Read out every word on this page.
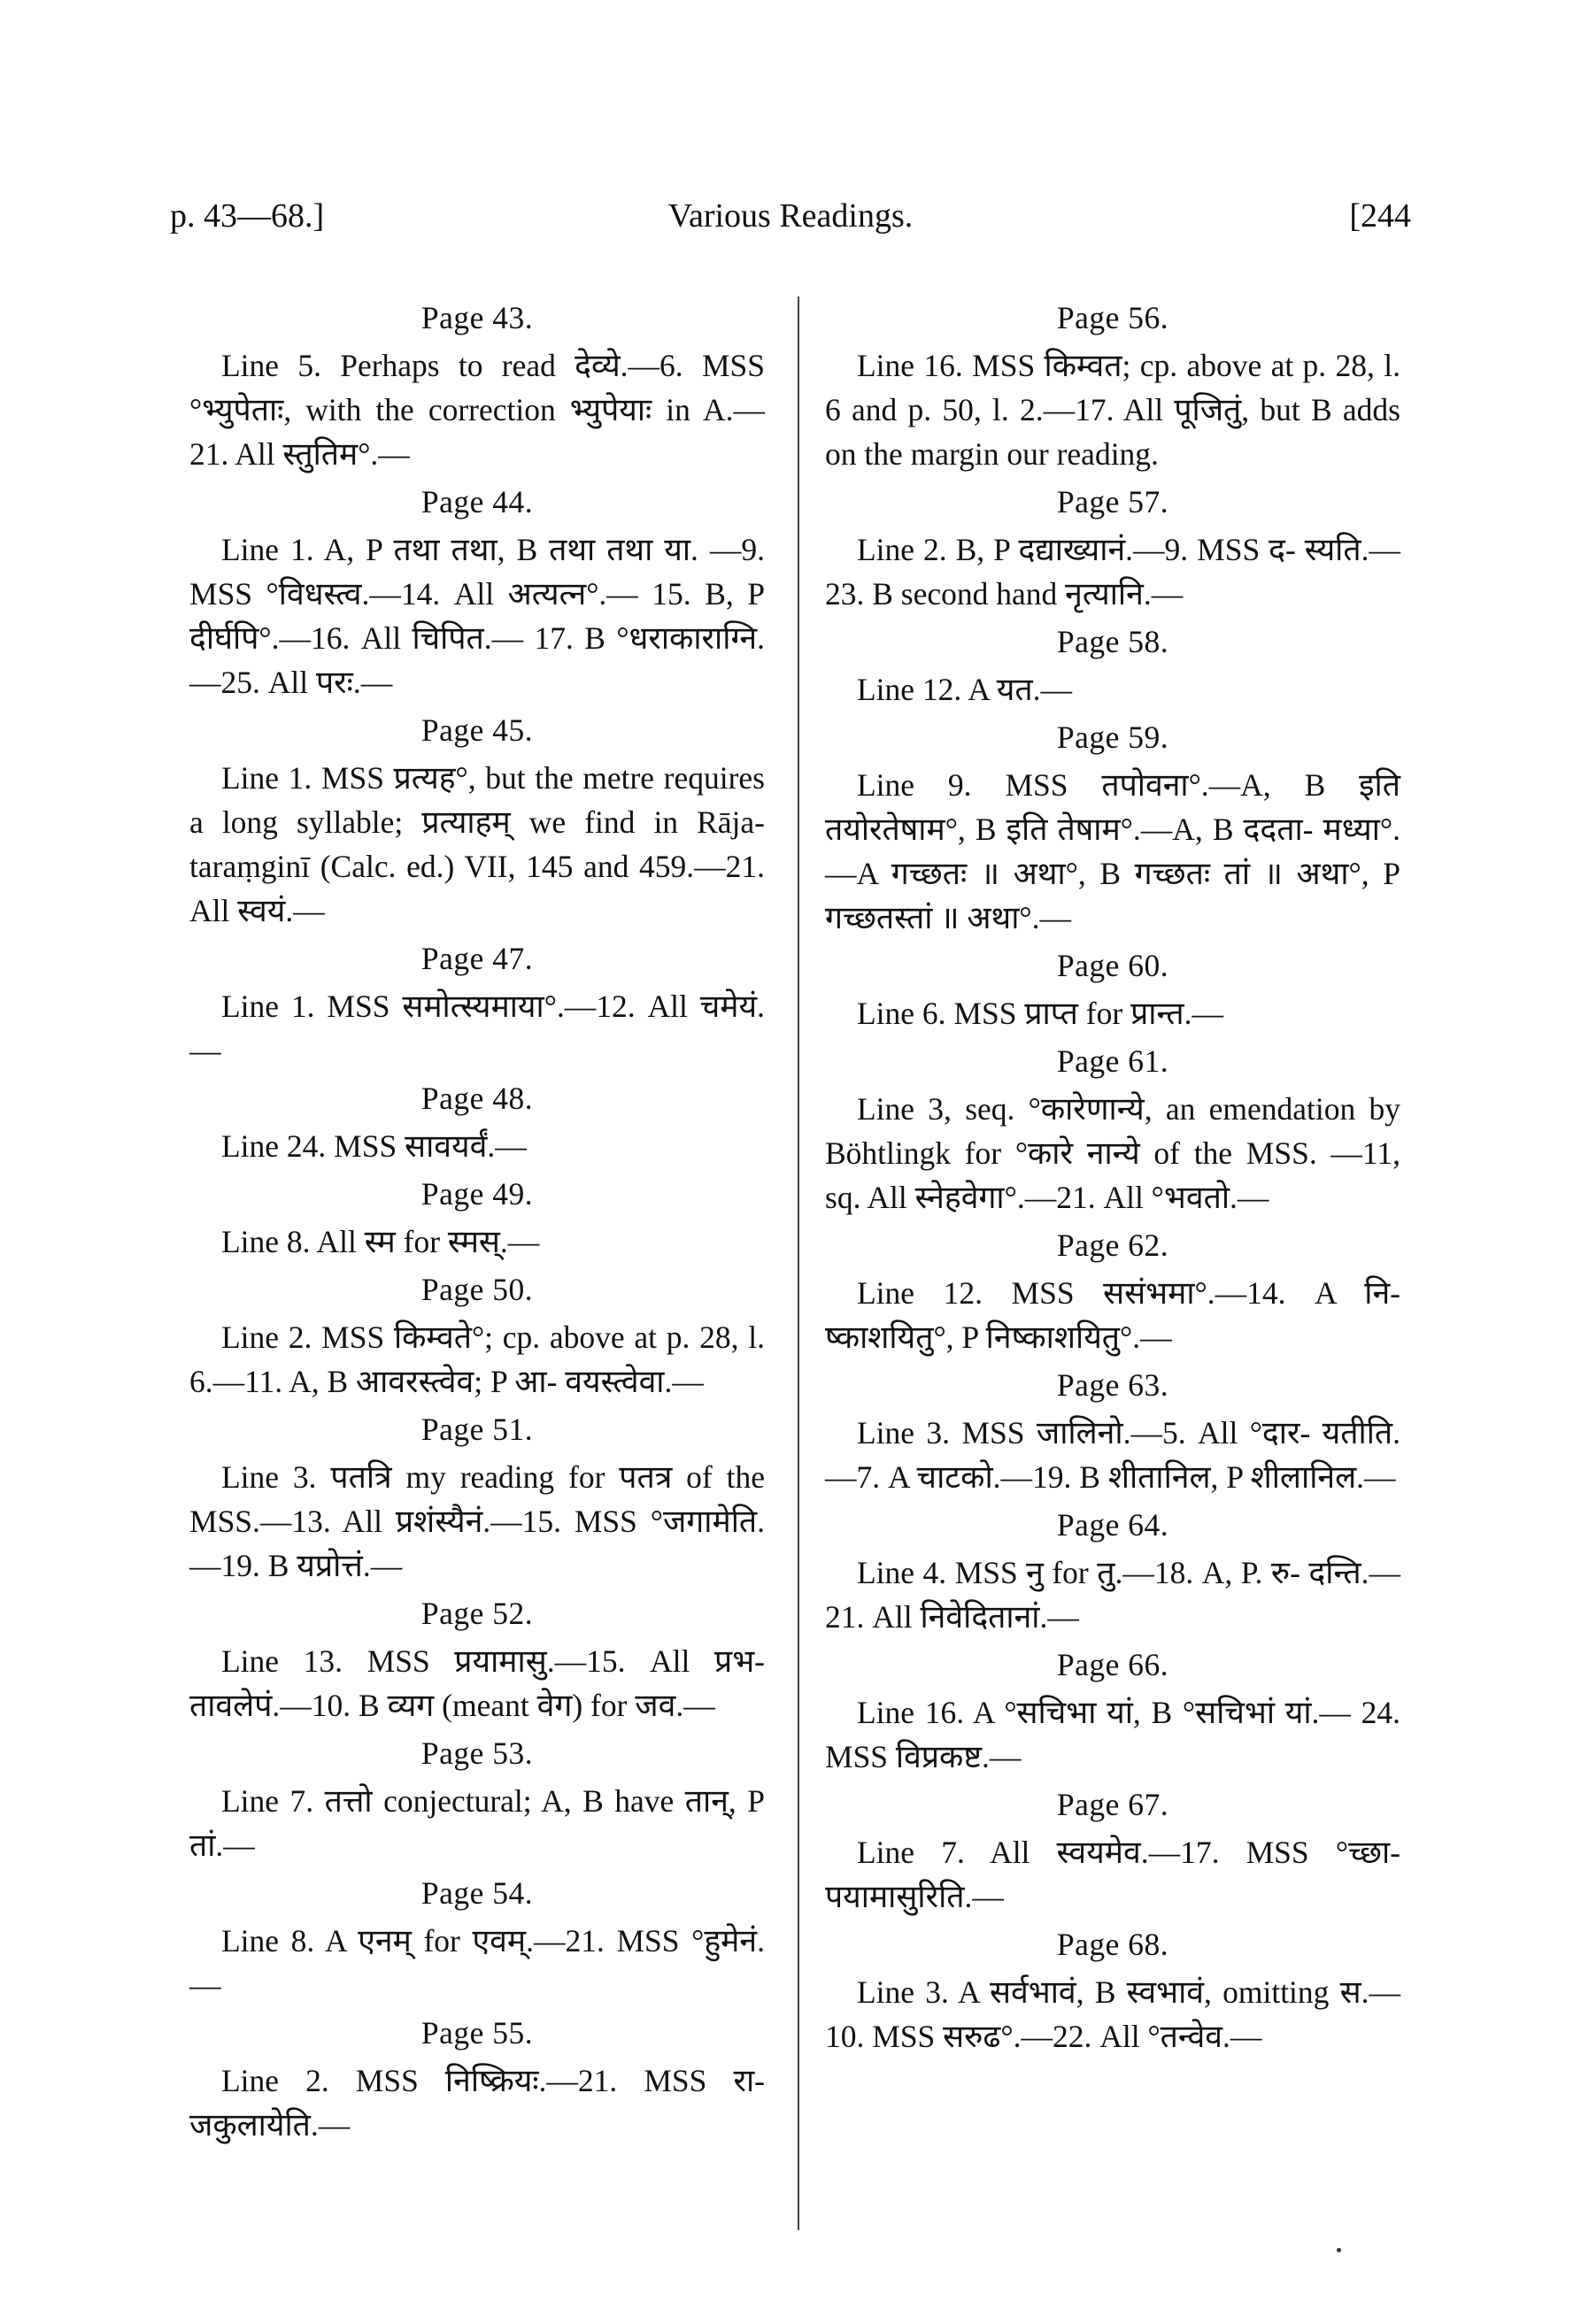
p. 43—68.]	Various Readings.	[244

Page 43.

Line 5. Perhaps to read देव्ये.—6. MSS °भ्युपेताः, with the correction भ्युपेयाः in A.—21. All स्तुतिम°.—

Page 44.

Line 1. A, P तथा तथा, B तथा तथा या. —9. MSS °विधस्त्व.—14. All अत्यत्न°.— 15. B, P दीर्घपि°.—16. All चिपित.— 17. B °धराकाराग्नि.—25. All परः.—

Page 45.

Line 1. MSS प्रत्यह°, but the metre requires a long syllable; प्रत्याहम् we find in Rāja-taraṃginī (Calc. ed.) VII, 145 and 459.—21. All स्वयं.—

Page 47.

Line 1. MSS समोत्स्यमाया°.—12. All चमेयं.—

Page 48.

Line 24. MSS सावयर्वं.—

Page 49.

Line 8. All स्म for स्मस्.—

Page 50.

Line 2. MSS किम्वते°; cp. above at p. 28, l. 6.—11. A, B आवरस्त्वेव; P आ- वयस्त्वेवा.—

Page 51.

Line 3. पतत्रि my reading for पतत्र of the MSS.—13. All प्रशंस्यैनं.—15. MSS °जगामेति.—19. B यप्रोत्तं.—

Page 52.

Line 13. MSS प्रयामासु.—15. All प्रभ- तावलेपं.—10. B व्यग (meant वेग) for जव.—

Page 53.

Line 7. तत्तो conjectural; A, B have तान्, P तां.—

Page 54.

Line 8. A एनम् for एवम्.—21. MSS °हुमेनं.—

Page 55.

Line 2. MSS निष्क्रियः.—21. MSS रा- जकुलायेति.—

Page 56.

Line 16. MSS किम्वत; cp. above at p. 28, l. 6 and p. 50, l. 2.—17. All पूजितुं, but B adds on the margin our reading.

Page 57.

Line 2. B, P दद्याख्यानं.—9. MSS द- स्यति.—23. B second hand नृत्यानि.—

Page 58.

Line 12. A यत.—

Page 59.

Line 9. MSS तपोवना°.—A, B इति तयोरतेषाम°, B इति तेषाम°.—A, B ददता- मध्या°.—A गच्छतः ॥ अथा°, B गच्छतः तां ॥ अथा°, P गच्छतस्तां ॥ अथा°.—

Page 60.

Line 6. MSS प्राप्त for प्रान्त.—

Page 61.

Line 3, seq. °कारेणान्ये, an emendation by Böhtlingk for °कारे नान्ये of the MSS. —11, sq. All स्नेहवेगा°.—21. All °भवतो.—

Page 62.

Line 12. MSS ससंभमा°.—14. A नि- ष्काशयितु°, P निष्काशयितु°.—

Page 63.

Line 3. MSS जालिनो.—5. All °दार- यतीति.—7. A चाटको.—19. B शीतानिल, P शीलानिल.—

Page 64.

Line 4. MSS नु for तु.—18. A, P. रु- दन्ति.—21. All निवेदितानां.—

Page 66.

Line 16. A °सचिभा यां, B °सचिभां यां.— 24. MSS विप्रकष्ट.—

Page 67.

Line 7. All स्वयमेव.—17. MSS °च्छा- पयामासुरिति.—

Page 68.

Line 3. A सर्वभावं, B स्वभावं, omitting स.—10. MSS सरुढ°.—22. All °तन्वेव.—
